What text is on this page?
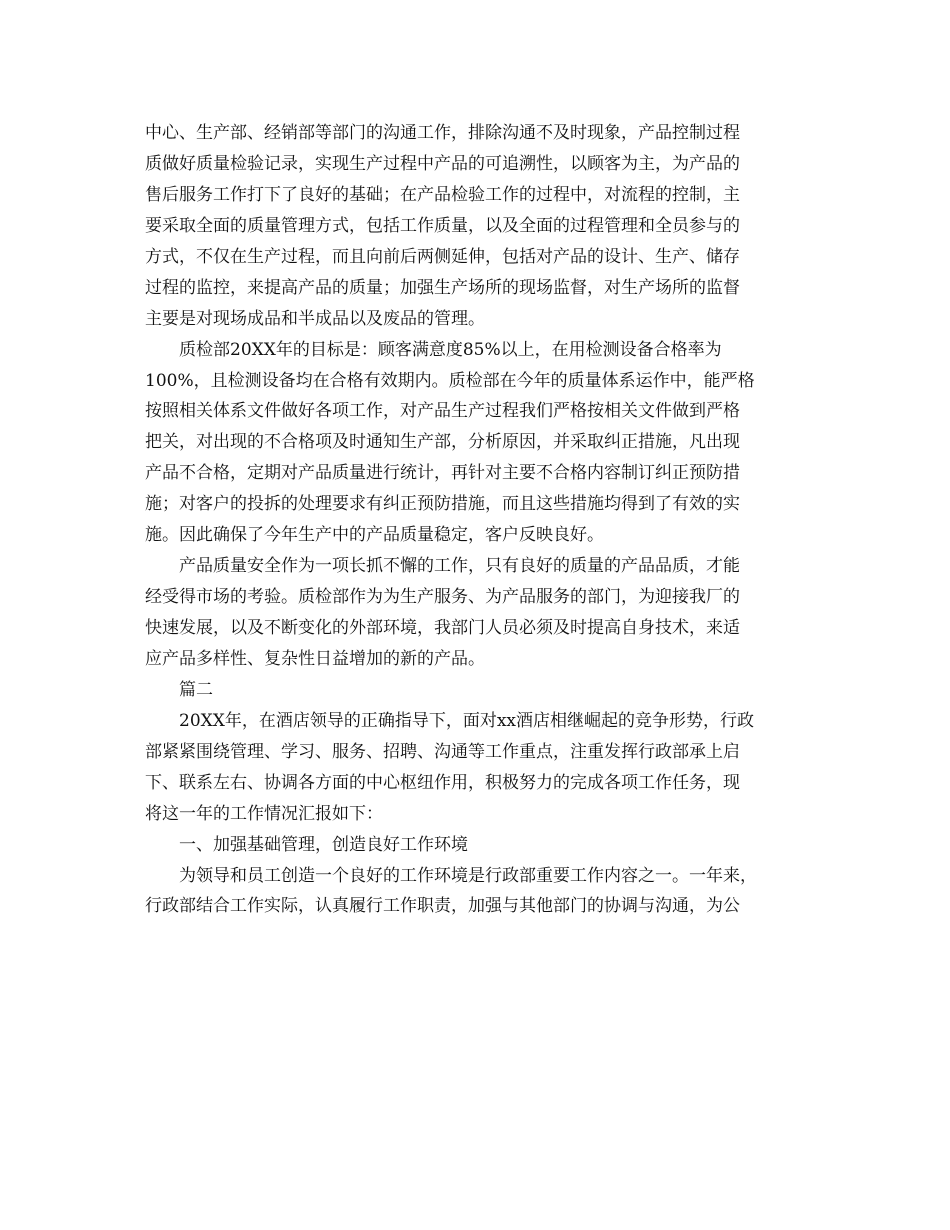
中心、生产部、经销部等部门的沟通工作，排除沟通不及时现象，产品控制过程
质做好质量检验记录，实现生产过程中产品的可追溯性，以顾客为主，为产品的
售后服务工作打下了良好的基础；在产品检验工作的过程中，对流程的控制，主
要采取全面的质量管理方式，包括工作质量，以及全面的过程管理和全员参与的
方式，不仅在生产过程，而且向前后两侧延伸，包括对产品的设计、生产、储存
过程的监控，来提高产品的质量；加强生产场所的现场监督，对生产场所的监督
主要是对现场成品和半成品以及废品的管理。
质检部20XX年的目标是：顾客满意度85%以上，在用检测设备合格率为
100%，且检测设备均在合格有效期内。质检部在今年的质量体系运作中，能严格
按照相关体系文件做好各项工作，对产品生产过程我们严格按相关文件做到严格
把关，对出现的不合格项及时通知生产部，分析原因，并采取纠正措施，凡出现
产品不合格，定期对产品质量进行统计，再针对主要不合格内容制订纠正预防措
施；对客户的投拆的处理要求有纠正预防措施，而且这些措施均得到了有效的实
施。因此确保了今年生产中的产品质量稳定，客户反映良好。
产品质量安全作为一项长抓不懈的工作，只有良好的质量的产品品质，才能
经受得市场的考验。质检部作为为生产服务、为产品服务的部门，为迎接我厂的
快速发展，以及不断变化的外部环境，我部门人员必须及时提高自身技术，来适
应产品多样性、复杂性日益增加的新的产品。
篇二
20XX年，在酒店领导的正确指导下，面对xx酒店相继崛起的竞争形势，行政
部紧紧围绕管理、学习、服务、招聘、沟通等工作重点，注重发挥行政部承上启
下、联系左右、协调各方面的中心枢纽作用，积极努力的完成各项工作任务，现
将这一年的工作情况汇报如下：
一、加强基础管理，创造良好工作环境
为领导和员工创造一个良好的工作环境是行政部重要工作内容之一。一年来，
行政部结合工作实际，认真履行工作职责，加强与其他部门的协调与沟通，为公
